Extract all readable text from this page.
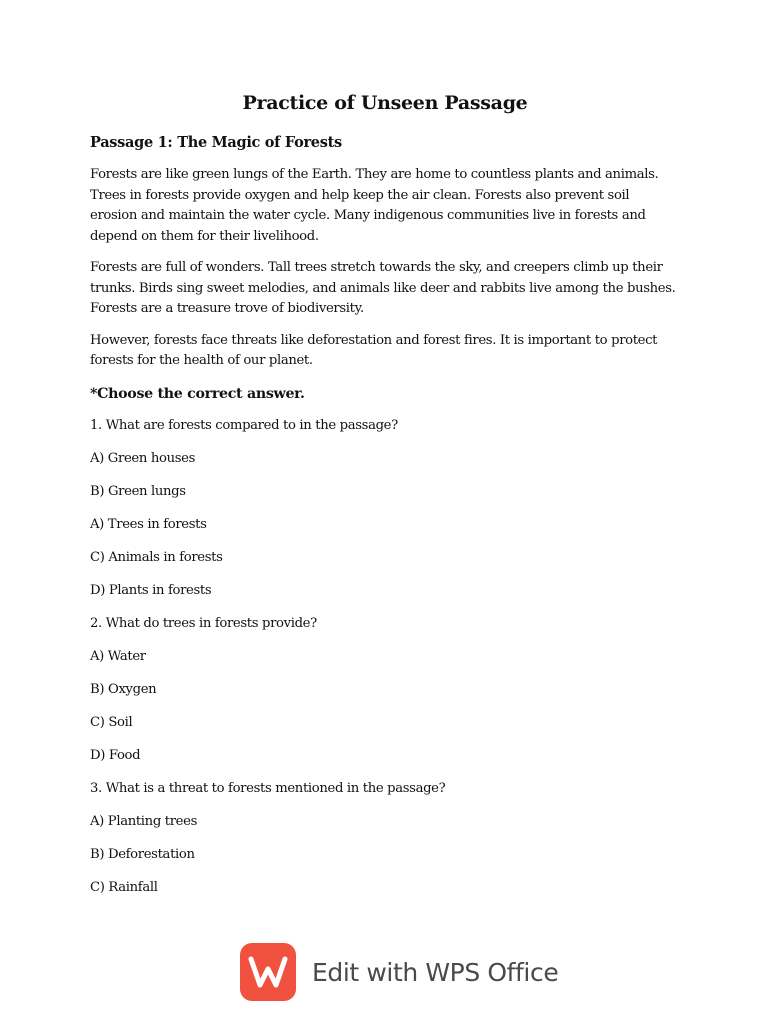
Practice of Unseen Passage
Passage 1: The Magic of Forests

Forests are like green lungs of the Earth. They are home to countless plants and animals. Trees in forests provide oxygen and help keep the air clean. Forests also prevent soil erosion and maintain the water cycle. Many indigenous communities live in forests and depend on them for their livelihood.

Forests are full of wonders. Tall trees stretch towards the sky, and creepers climb up their trunks. Birds sing sweet melodies, and animals like deer and rabbits live among the bushes. Forests are a treasure trove of biodiversity.

However, forests face threats like deforestation and forest fires. It is important to protect forests for the health of our planet.

*Choose the correct answer.
1. What are forests compared to in the passage?
A) Green houses
B) Green lungs
A) Trees in forests
C) Animals in forests
D) Plants in forests
2. What do trees in forests provide?
A) Water
B) Oxygen
C) Soil
D) Food
3. What is a threat to forests mentioned in the passage?
A) Planting trees
B) Deforestation
C) Rainfall
Edit with WPS Office
